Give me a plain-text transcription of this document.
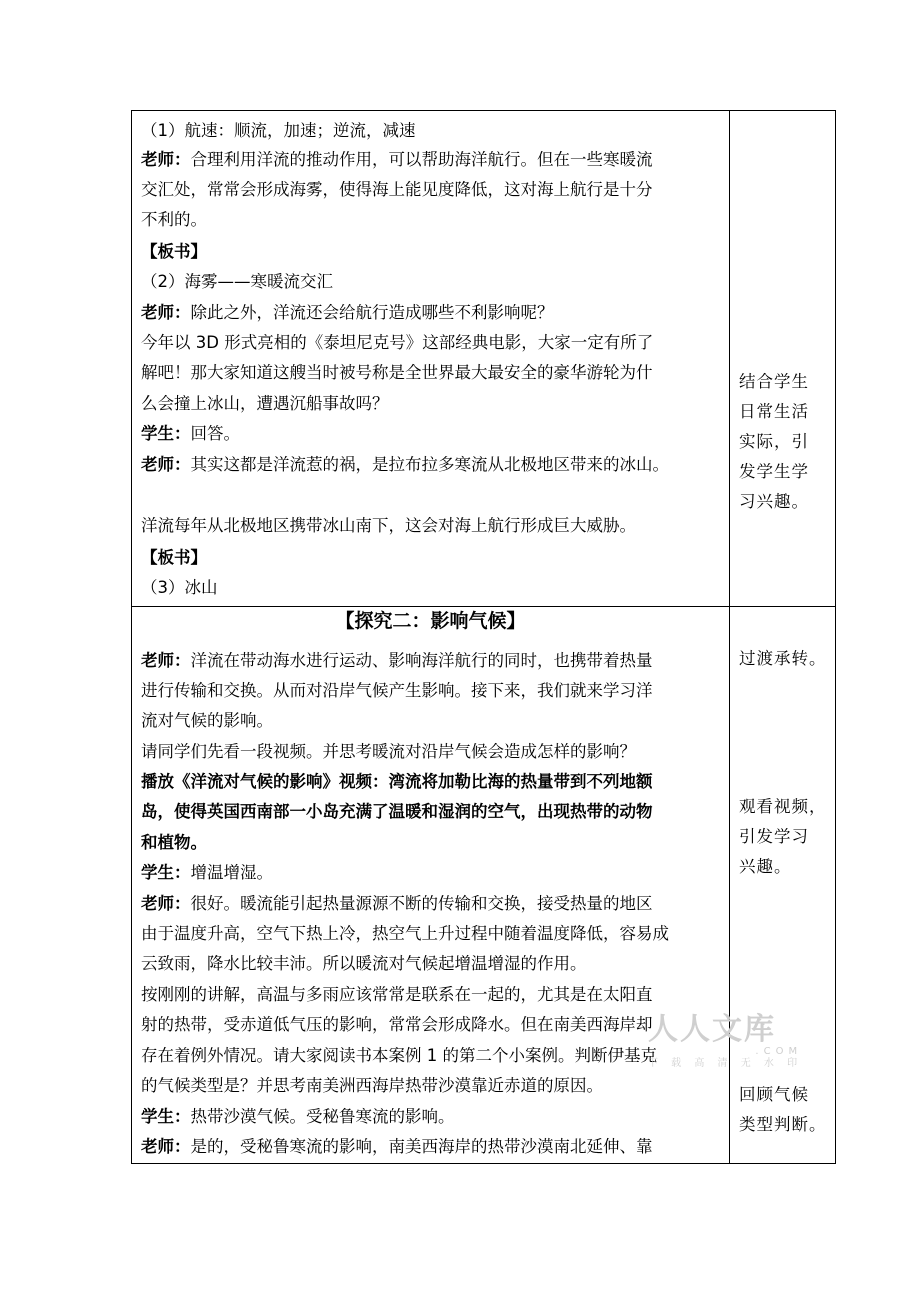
（1）航速：顺流，加速；逆流，减速
老师：合理利用洋流的推动作用，可以帮助海洋航行。但在一些寒暖流
交汇处，常常会形成海雾，使得海上能见度降低，这对海上航行是十分
不利的。
【板书】
（2）海雾——寒暖流交汇
老师：除此之外，洋流还会给航行造成哪些不利影响呢？
今年以 3D 形式亮相的《泰坦尼克号》这部经典电影，大家一定有所了
解吧！那大家知道这艘当时被号称是全世界最大最安全的豪华游轮为什
么会撞上冰山，遭遇沉船事故吗？
学生：回答。
老师：其实这都是洋流惹的祸，是拉布拉多寒流从北极地区带来的冰山。
洋流每年从北极地区携带冰山南下，这会对海上航行形成巨大威胁。
【板书】
（3）冰山
结合学生
日常生活
实际，引
发学生学
习兴趣。
【探究二：影响气候】
老师：洋流在带动海水进行运动、影响海洋航行的同时，也携带着热量
进行传输和交换。从而对沿岸气候产生影响。接下来，我们就来学习洋
流对气候的影响。
请同学们先看一段视频。并思考暖流对沿岸气候会造成怎样的影响？
播放《洋流对气候的影响》视频：湾流将加勒比海的热量带到不列地额
岛，使得英国西南部一小岛充满了温暖和湿润的空气，出现热带的动物
和植物。
学生：增温增湿。
老师：很好。暖流能引起热量源源不断的传输和交换，接受热量的地区
由于温度升高，空气下热上冷，热空气上升过程中随着温度降低，容易成
云致雨，降水比较丰沛。所以暖流对气候起增温增湿的作用。
按刚刚的讲解，高温与多雨应该常常是联系在一起的，尤其是在太阳直
射的热带，受赤道低气压的影响，常常会形成降水。但在南美西海岸却
存在着例外情况。请大家阅读书本案例 1 的第二个小案例。判断伊基克
的气候类型是？并思考南美洲西海岸热带沙漠靠近赤道的原因。
学生：热带沙漠气候。受秘鲁寒流的影响。
老师：是的，受秘鲁寒流的影响，南美西海岸的热带沙漠南北延伸、靠
过渡承转。
观看视频，
引发学习
兴趣。
回顾气候
类型判断。
人人文库
.COM
下 载 高 清 无 水 印
